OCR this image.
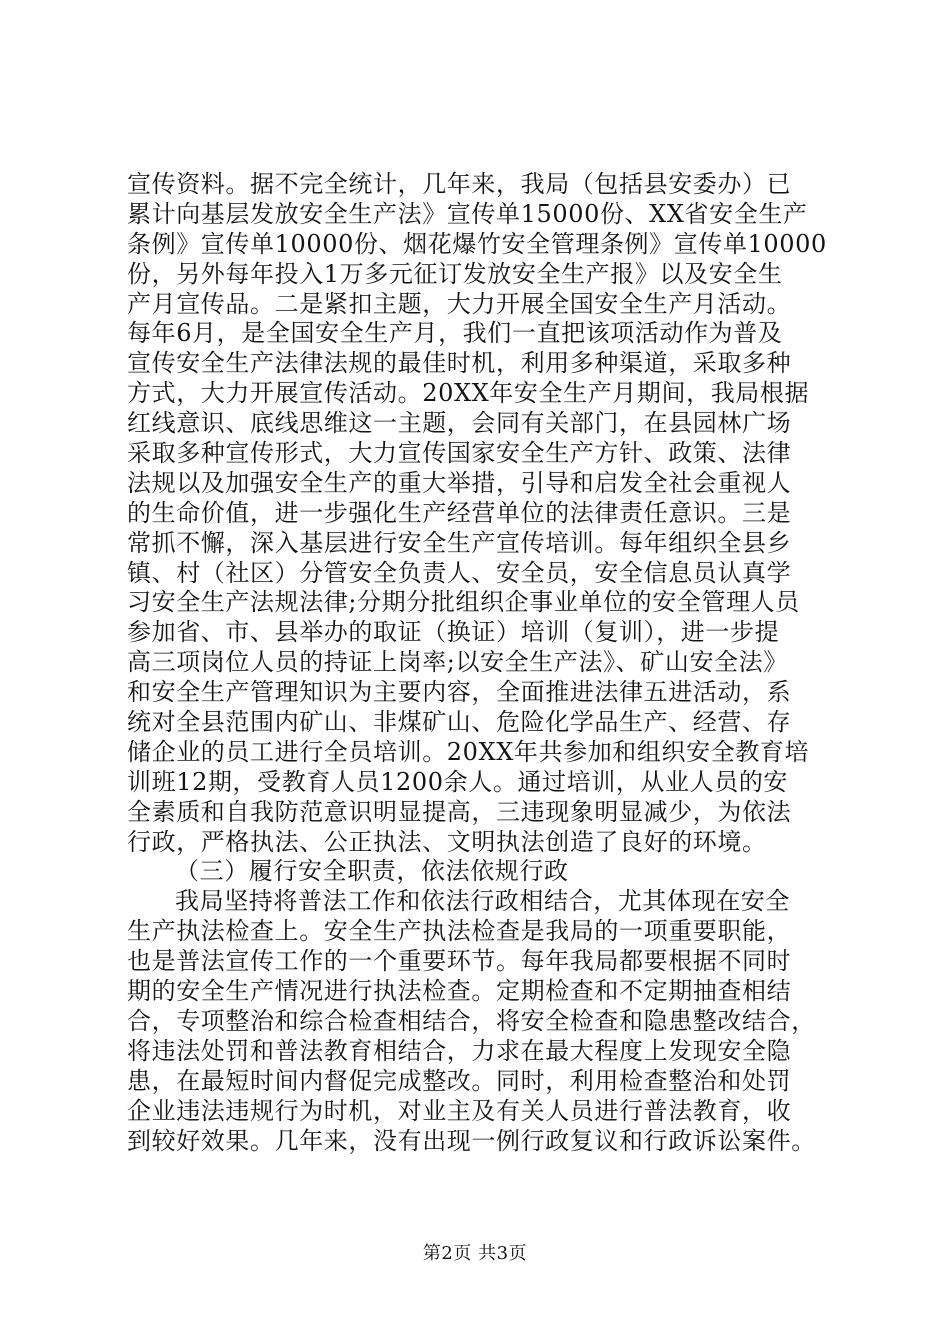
宣传资料。据不完全统计，几年来，我局（包括县安委办）已
累计向基层发放安全生产法》宣传单15000份、XX省安全生产
条例》宣传单10000份、烟花爆竹安全管理条例》宣传单10000
份，另外每年投入1万多元征订发放安全生产报》以及安全生
产月宣传品。二是紧扣主题，大力开展全国安全生产月活动。
每年6月，是全国安全生产月，我们一直把该项活动作为普及
宣传安全生产法律法规的最佳时机，利用多种渠道，采取多种
方式，大力开展宣传活动。20XX年安全生产月期间，我局根据
红线意识、底线思维这一主题，会同有关部门，在县园林广场
采取多种宣传形式，大力宣传国家安全生产方针、政策、法律
法规以及加强安全生产的重大举措，引导和启发全社会重视人
的生命价值，进一步强化生产经营单位的法律责任意识。三是
常抓不懈，深入基层进行安全生产宣传培训。每年组织全县乡
镇、村（社区）分管安全负责人、安全员，安全信息员认真学
习安全生产法规法律;分期分批组织企事业单位的安全管理人员
参加省、市、县举办的取证（换证）培训（复训），进一步提
高三项岗位人员的持证上岗率;以安全生产法》、矿山安全法》
和安全生产管理知识为主要内容，全面推进法律五进活动，系
统对全县范围内矿山、非煤矿山、危险化学品生产、经营、存
储企业的员工进行全员培训。20XX年共参加和组织安全教育培
训班12期，受教育人员1200余人。通过培训，从业人员的安
全素质和自我防范意识明显提高，三违现象明显减少，为依法
行政，严格执法、公正执法、文明执法创造了良好的环境。
（三）履行安全职责，依法依规行政
我局坚持将普法工作和依法行政相结合，尤其体现在安全
生产执法检查上。安全生产执法检查是我局的一项重要职能，
也是普法宣传工作的一个重要环节。每年我局都要根据不同时
期的安全生产情况进行执法检查。定期检查和不定期抽查相结
合，专项整治和综合检查相结合，将安全检查和隐患整改结合，
将违法处罚和普法教育相结合，力求在最大程度上发现安全隐
患，在最短时间内督促完成整改。同时，利用检查整治和处罚
企业违法违规行为时机，对业主及有关人员进行普法教育，收
到较好效果。几年来，没有出现一例行政复议和行政诉讼案件。
第2页 共3页
